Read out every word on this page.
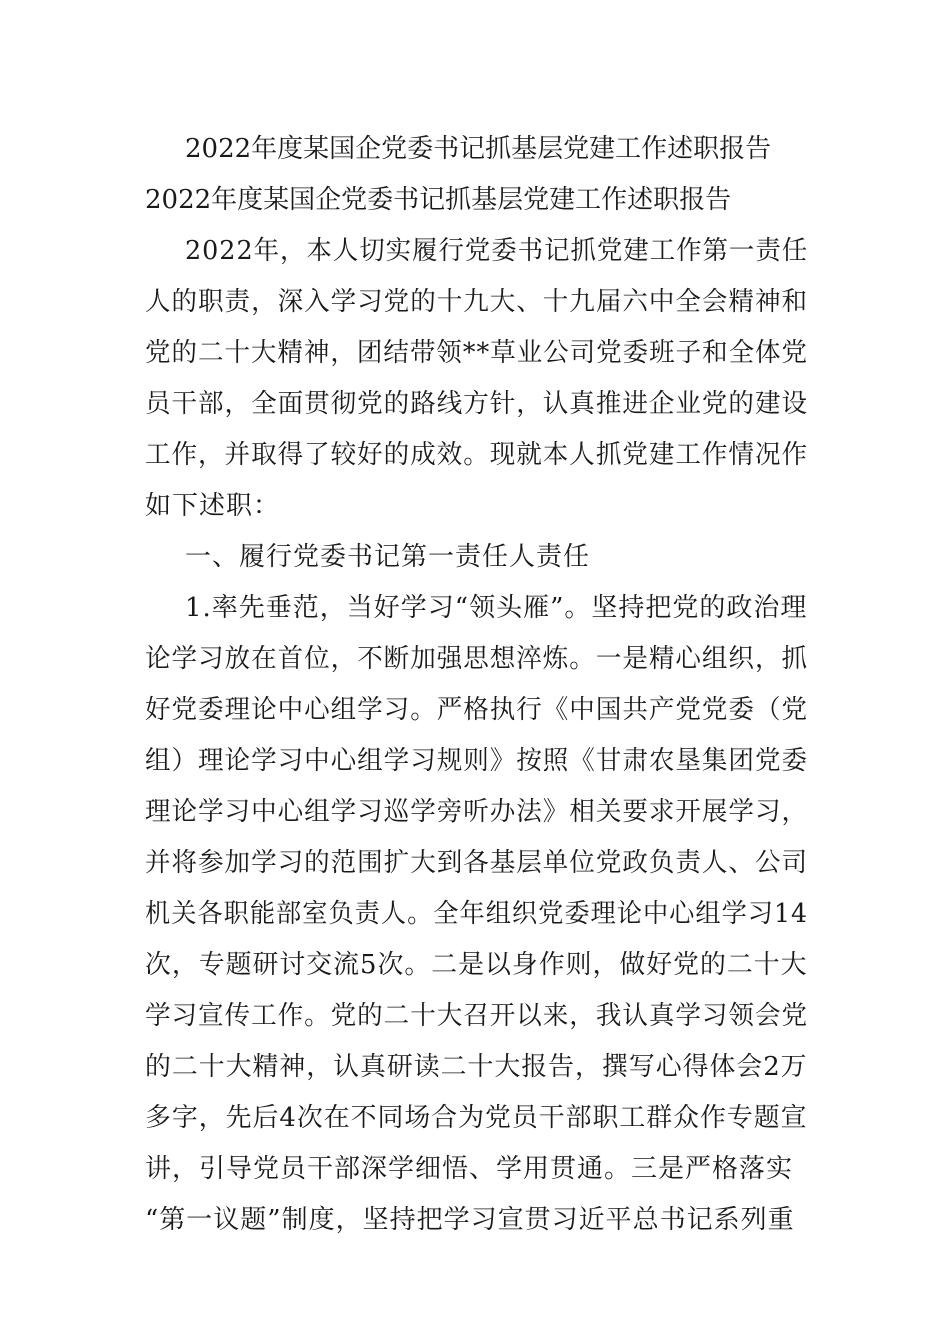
2022年度某国企党委书记抓基层党建工作述职报告
2022年度某国企党委书记抓基层党建工作述职报告
2022年，本人切实履行党委书记抓党建工作第一责任
人的职责，深入学习党的十九大、十九届六中全会精神和
党的二十大精神，团结带领**草业公司党委班子和全体党
员干部，全面贯彻党的路线方针，认真推进企业党的建设
工作，并取得了较好的成效。现就本人抓党建工作情况作
如下述职：
一、履行党委书记第一责任人责任
1.率先垂范，当好学习“领头雁”。坚持把党的政治理
论学习放在首位，不断加强思想淬炼。一是精心组织，抓
好党委理论中心组学习。严格执行《中国共产党党委（党
组）理论学习中心组学习规则》按照《甘肃农垦集团党委
理论学习中心组学习巡学旁听办法》相关要求开展学习，
并将参加学习的范围扩大到各基层单位党政负责人、公司
机关各职能部室负责人。全年组织党委理论中心组学习14
次，专题研讨交流5次。二是以身作则，做好党的二十大
学习宣传工作。党的二十大召开以来，我认真学习领会党
的二十大精神，认真研读二十大报告，撰写心得体会2万
多字，先后4次在不同场合为党员干部职工群众作专题宣
讲，引导党员干部深学细悟、学用贯通。三是严格落实
“第一议题”制度，坚持把学习宣贯习近平总书记系列重
